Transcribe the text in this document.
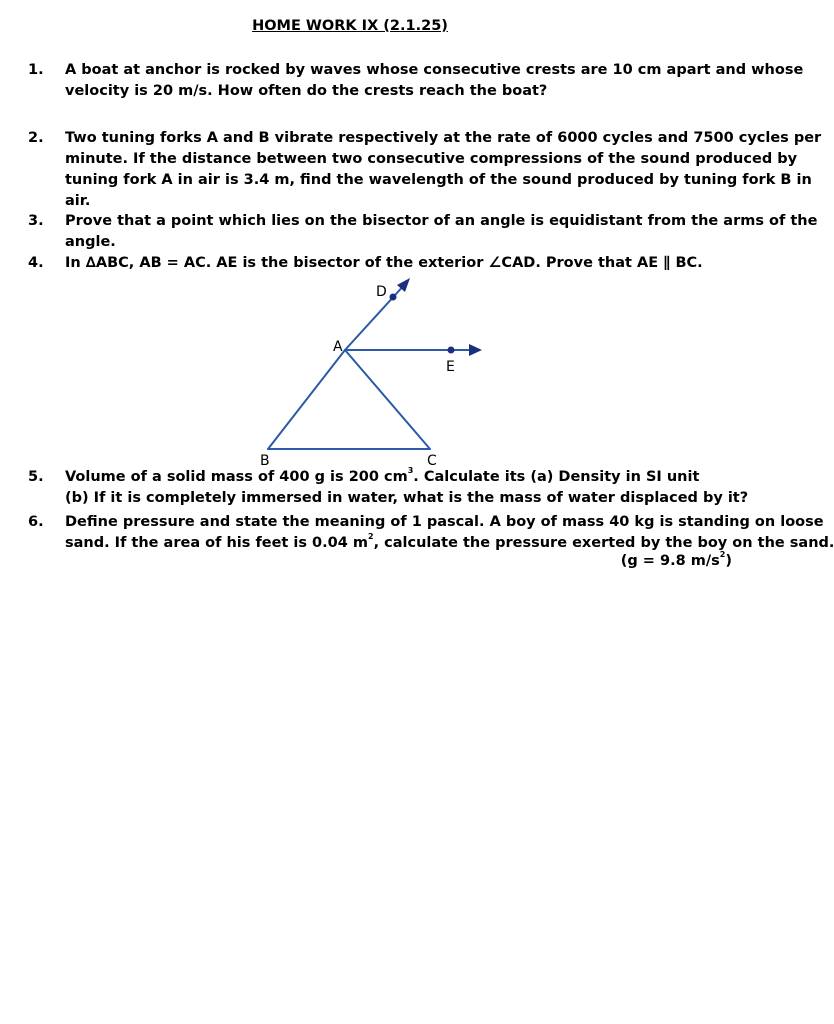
HOME WORK IX (2.1.25)
1. A boat at anchor is rocked by waves whose consecutive crests are 10 cm apart and whose
velocity is 20 m/s. How often do the crests reach the boat?
2. Two tuning forks A and B vibrate respectively at the rate of 6000 cycles and 7500 cycles per
minute. If the distance between two consecutive compressions of the sound produced by
tuning fork A in air is 3.4 m, find the wavelength of the sound produced by tuning fork B in
air.
3. Prove that a point which lies on the bisector of an angle is equidistant from the arms of the
angle.
4. In ∆ABC, AB = AC. AE is the bisector of the exterior ∠CAD. Prove that AE ∥ BC.
D
A
E
B	C
5. Volume of a solid mass of 400 g is 200 $cm^3$. Calculate its (a) Density in SI unit
(b) If it is completely immersed in water, what is the mass of water displaced by it?
6. Define pressure and state the meaning of 1 pascal. A boy of mass 40 kg is standing on loose
sand. If the area of his feet is 0.04 $m^2$, calculate the pressure exerted by the boy on the sand.
(g = 9.8 $m/s^2$)
